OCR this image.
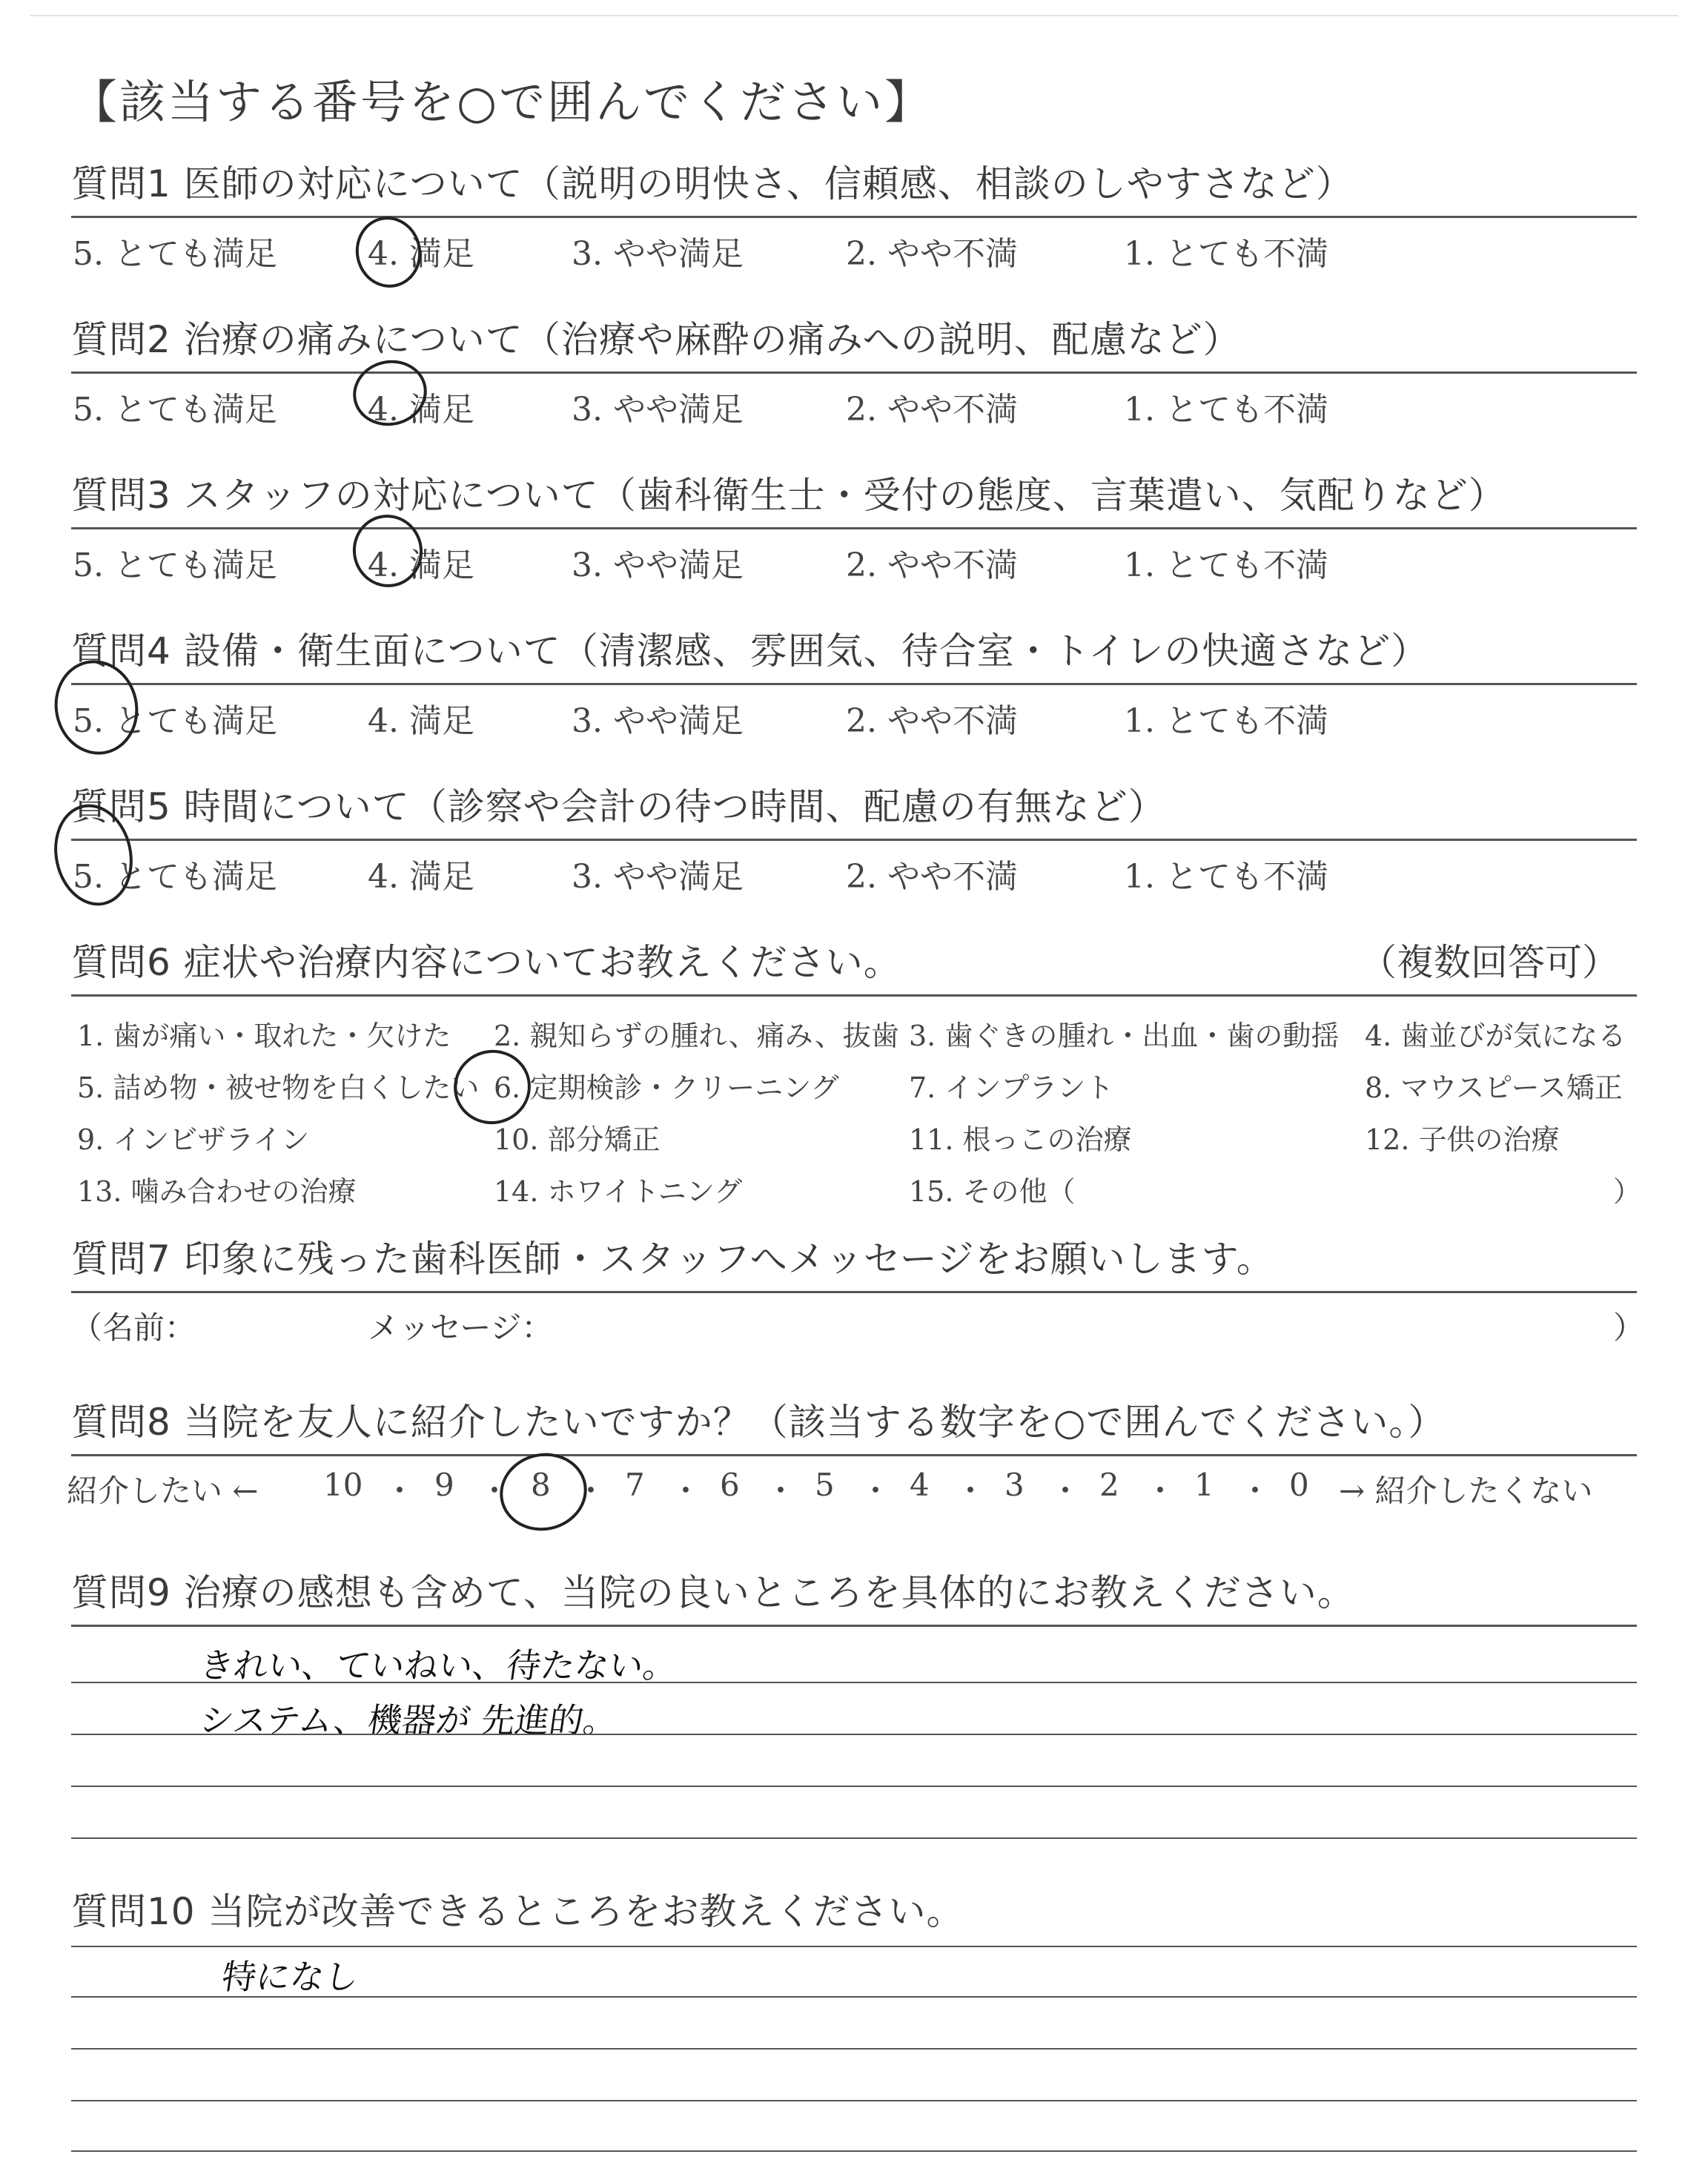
【該当する番号を○で囲んでください】
質問1 医師の対応について（説明の明快さ、信頼感、相談のしやすさなど）
5. とても満足	4. 満足	3. やや満足	2. やや不満	1. とても不満
質問2 治療の痛みについて（治療や麻酔の痛みへの説明、配慮など）
5. とても満足	4. 満足	3. やや満足	2. やや不満	1. とても不満
質問3 スタッフの対応について（歯科衛生士・受付の態度、言葉遣い、気配りなど）
5. とても満足	4. 満足	3. やや満足	2. やや不満	1. とても不満
質問4 設備・衛生面について（清潔感、雰囲気、待合室・トイレの快適さなど）
5. とても満足	4. 満足	3. やや満足	2. やや不満	1. とても不満
質問5 時間について（診察や会計の待つ時間、配慮の有無など）
5. とても満足	4. 満足	3. やや満足	2. やや不満	1. とても不満
質問6 症状や治療内容についてお教えください。	（複数回答可）
1. 歯が痛い・取れた・欠けた 2. 親知らずの腫れ、痛み、抜歯 3. 歯ぐきの腫れ・出血・歯の動揺 4. 歯並びが気になる
5. 詰め物・被せ物を白くしたい 6. 定期検診・クリーニング 7. インプラント	8. マウスピース矯正
9. インビザライン	10. 部分矯正	11. 根っこの治療	12. 子供の治療
13. 噛み合わせの治療	14. ホワイトニング	15. その他（	）
質問7 印象に残った歯科医師・スタッフへメッセージをお願いします。
（名前：	メッセージ：	）
質問8 当院を友人に紹介したいですか？（該当する数字を○で囲んでください。）
紹介したい ← 10 ・ 9 ・ 8 ・ 7 ・ 6 ・ 5 ・ 4 ・ 3 ・ 2 ・ 1 ・ 0 → 紹介したくない
質問9 治療の感想も含めて、当院の良いところを具体的にお教えください。
きれい、ていねい、待たない。
システム、機器が 先進的。
質問10 当院が改善できるところをお教えください。
特になし
